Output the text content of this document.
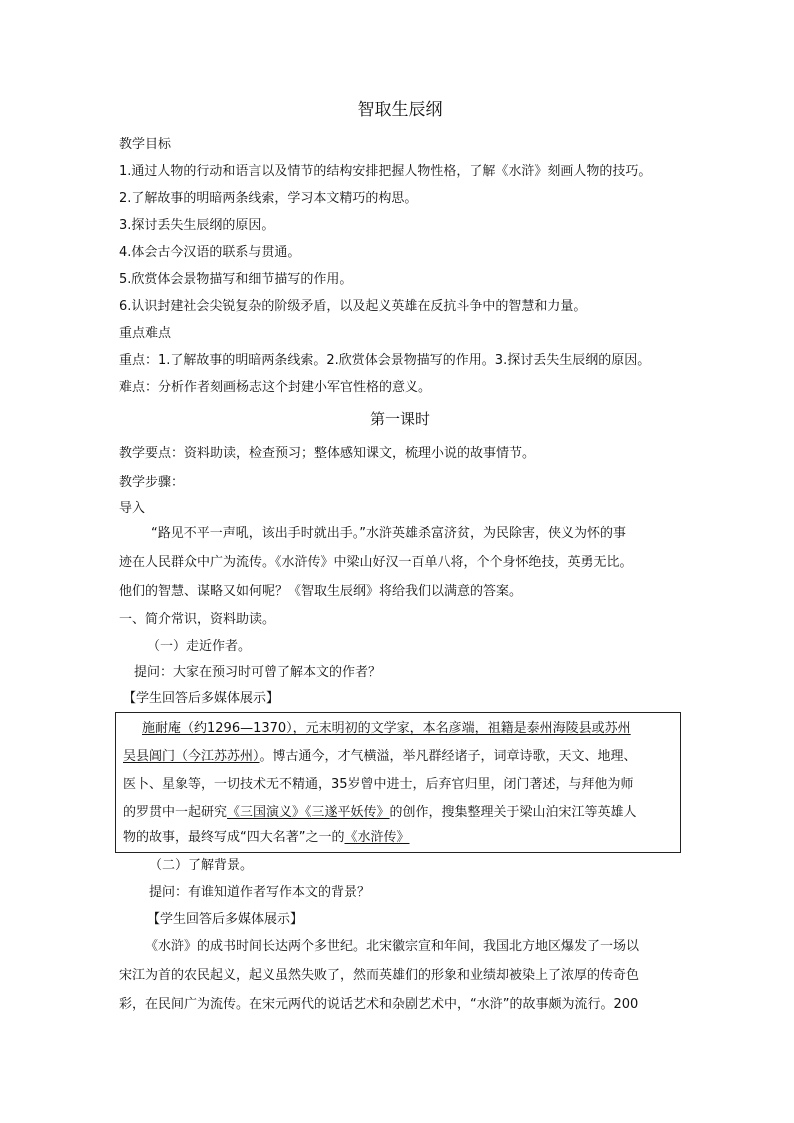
智取生辰纲
教学目标
1.通过人物的行动和语言以及情节的结构安排把握人物性格，了解《水浒》刻画人物的技巧。
2.了解故事的明暗两条线索，学习本文精巧的构思。
3.探讨丢失生辰纲的原因。
4.体会古今汉语的联系与贯通。
5.欣赏体会景物描写和细节描写的作用。
6.认识封建社会尖锐复杂的阶级矛盾，以及起义英雄在反抗斗争中的智慧和力量。
重点难点
重点：1.了解故事的明暗两条线索。2.欣赏体会景物描写的作用。3.探讨丢失生辰纲的原因。
难点：分析作者刻画杨志这个封建小军官性格的意义。
第一课时
教学要点：资料助读，检查预习；整体感知课文，梳理小说的故事情节。
教学步骤：
导入
“路见不平一声吼，该出手时就出手。”水浒英雄杀富济贫，为民除害，侠义为怀的事
迹在人民群众中广为流传。《水浒传》中梁山好汉一百单八将，个个身怀绝技，英勇无比。
他们的智慧、谋略又如何呢？《智取生辰纲》将给我们以满意的答案。
一、简介常识，资料助读。
（一）走近作者。
提问：大家在预习时可曾了解本文的作者？
【学生回答后多媒体展示】
施耐庵（约1296—1370），元末明初的文学家，本名彦端，祖籍是泰州海陵县或苏州
吴县阊门（今江苏苏州）。博古通今，才气横溢，举凡群经诸子，词章诗歌，天文、地理、
医卜、星象等，一切技术无不精通，35岁曾中进士，后弃官归里，闭门著述，与拜他为师
的罗贯中一起研究《三国演义》《三遂平妖传》的创作，搜集整理关于梁山泊宋江等英雄人
物的故事，最终写成“四大名著”之一的《水浒传》
（二）了解背景。
提问：有谁知道作者写作本文的背景？
【学生回答后多媒体展示】
《水浒》的成书时间长达两个多世纪。北宋徽宗宣和年间，我国北方地区爆发了一场以
宋江为首的农民起义，起义虽然失败了，然而英雄们的形象和业绩却被染上了浓厚的传奇色
彩，在民间广为流传。在宋元两代的说话艺术和杂剧艺术中，“水浒”的故事颇为流行。200
